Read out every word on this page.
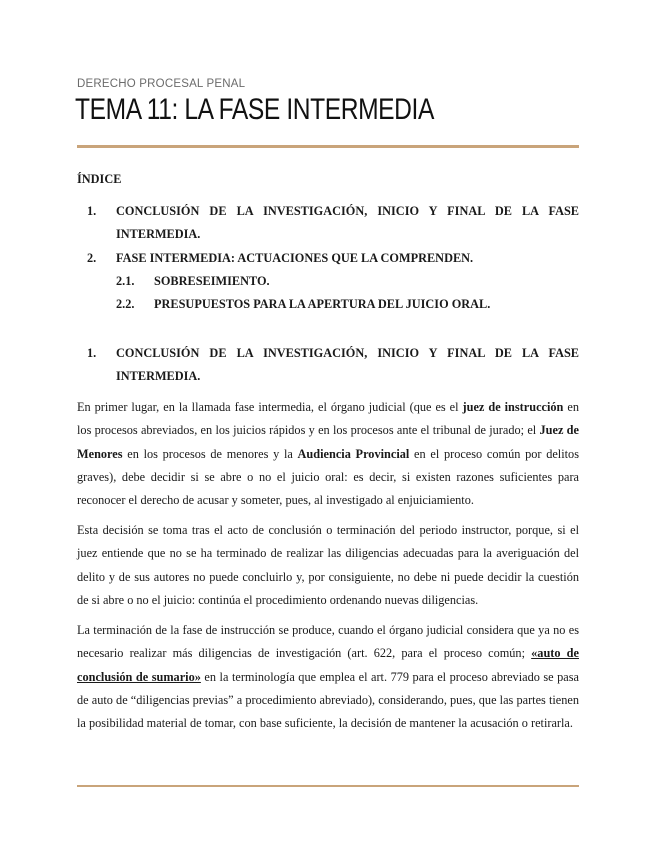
DERECHO PROCESAL PENAL
TEMA 11: LA FASE INTERMEDIA
ÍNDICE
1. CONCLUSIÓN DE LA INVESTIGACIÓN, INICIO Y FINAL DE LA FASE INTERMEDIA.
2. FASE INTERMEDIA: ACTUACIONES QUE LA COMPRENDEN.
2.1. SOBRESEIMIENTO.
2.2. PRESUPUESTOS PARA LA APERTURA DEL JUICIO ORAL.
1. CONCLUSIÓN DE LA INVESTIGACIÓN, INICIO Y FINAL DE LA FASE INTERMEDIA.
En primer lugar, en la llamada fase intermedia, el órgano judicial (que es el juez de instrucción en los procesos abreviados, en los juicios rápidos y en los procesos ante el tribunal de jurado; el Juez de Menores en los procesos de menores y la Audiencia Provincial en el proceso común por delitos graves), debe decidir si se abre o no el juicio oral: es decir, si existen razones suficientes para reconocer el derecho de acusar y someter, pues, al investigado al enjuiciamiento.
Esta decisión se toma tras el acto de conclusión o terminación del periodo instructor, porque, si el juez entiende que no se ha terminado de realizar las diligencias adecuadas para la averiguación del delito y de sus autores no puede concluirlo y, por consiguiente, no debe ni puede decidir la cuestión de si abre o no el juicio: continúa el procedimiento ordenando nuevas diligencias.
La terminación de la fase de instrucción se produce, cuando el órgano judicial considera que ya no es necesario realizar más diligencias de investigación (art. 622, para el proceso común; «auto de conclusión de sumario» en la terminología que emplea el art. 779 para el proceso abreviado se pasa de auto de “diligencias previas” a procedimiento abreviado), considerando, pues, que las partes tienen la posibilidad material de tomar, con base suficiente, la decisión de mantener la acusación o retirarla.
